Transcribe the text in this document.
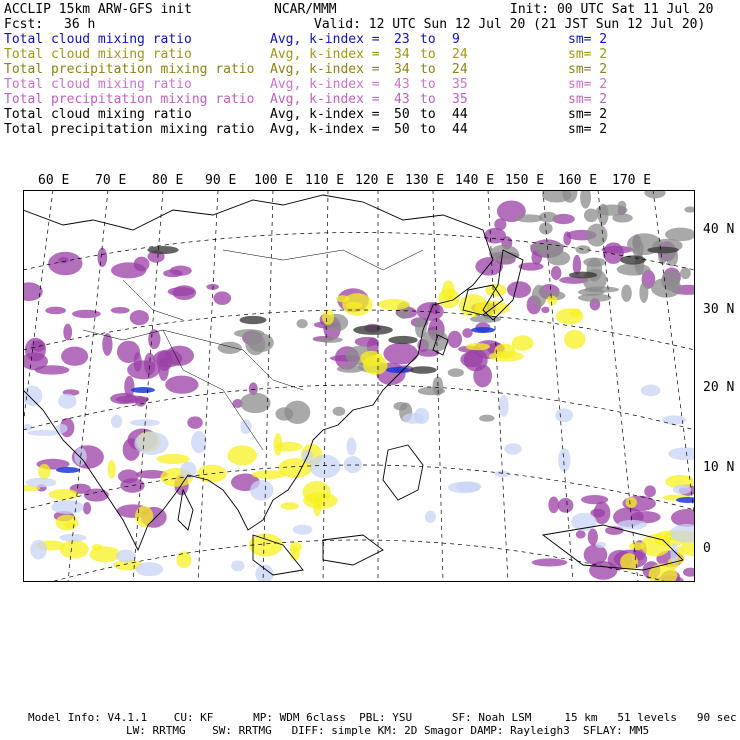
ACCLIP 15km ARW-GFS init	NCAR/MMM	Init: 00 UTC Sat 11 Jul 20
Fcst: 36 h	Valid: 12 UTC Sun 12 Jul 20 (21 JST Sun 12 Jul 20)
Total cloud mixing ratio	Avg, k-index = 23 to 9	sm= 2
Total cloud mixing ratio	Avg, k-index = 34 to 24	sm= 2
Total precipitation mixing ratio Avg, k-index = 34 to 24	sm= 2
Total cloud mixing ratio	Avg, k-index = 43 to 35	sm= 2
Total precipitation mixing ratio Avg, k-index = 43 to 35	sm= 2
Total cloud mixing ratio	Avg, k-index = 50 to 44	sm= 2
Total precipitation mixing ratio Avg, k-index = 50 to 44	sm= 2
60 E 70 E 80 E 90 E 100 E 110 E 120 E 130 E 140 E 150 E 160 E 170 E
40 N
30 N
20 N
10 N
0
Model Info: V4.1.1    CU: KF      MP: WDM 6class  PBL: YSU      SF: Noah LSM     15 km   51 levels   90 sec
LW: RRTMG    SW: RRTMG   DIFF: simple KM: 2D Smagor DAMP: Rayleigh3  SFLAY: MM5
